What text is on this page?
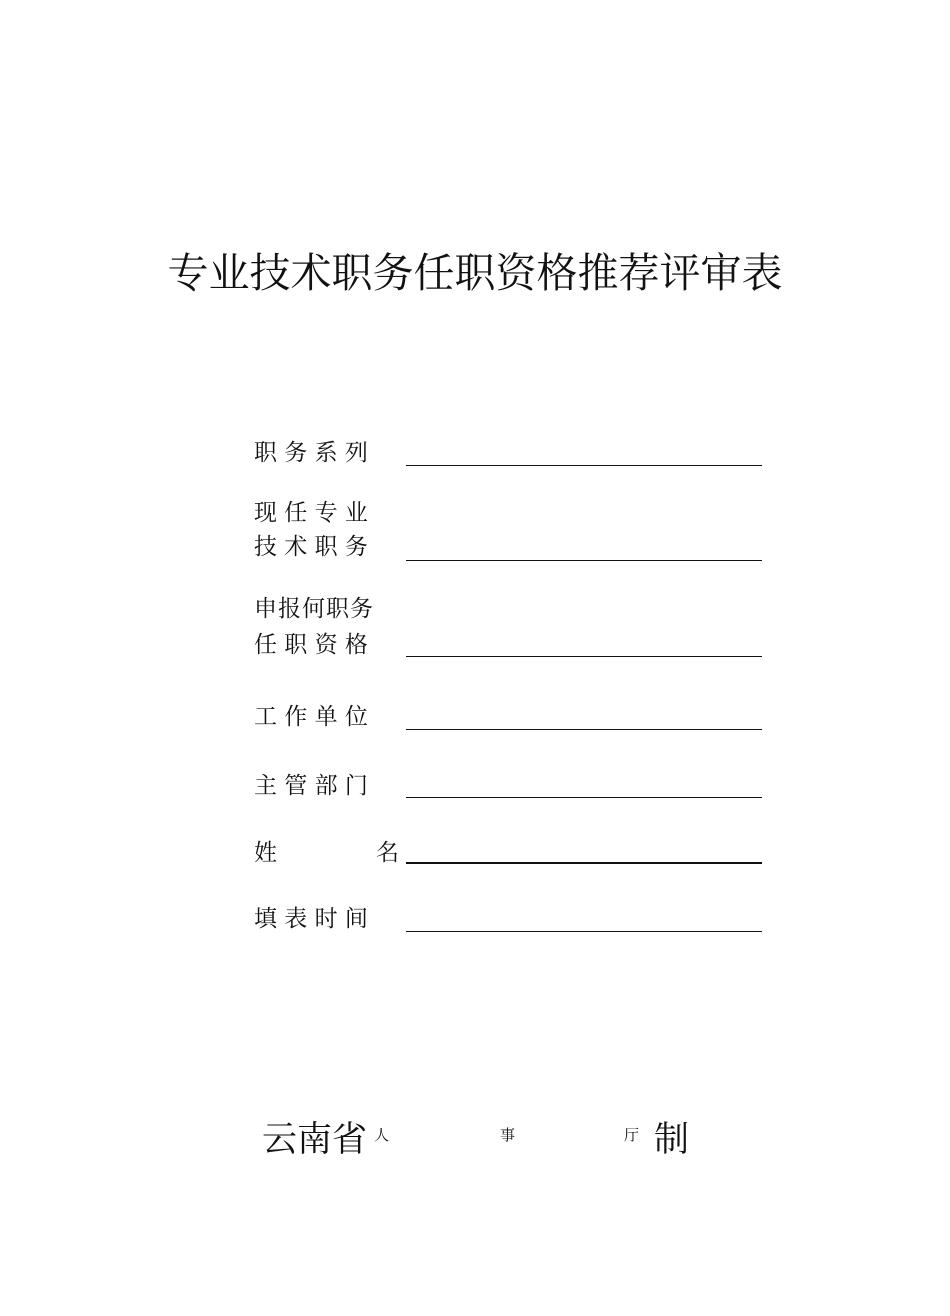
专业技术职务任职资格推荐评审表
职 务 系 列
现 任 专 业
技 术 职 务
申报何职务
任 职 资 格
工 作 单 位
主 管 部 门
姓	名
填 表 时 间
云南省 人	事	厅 制
